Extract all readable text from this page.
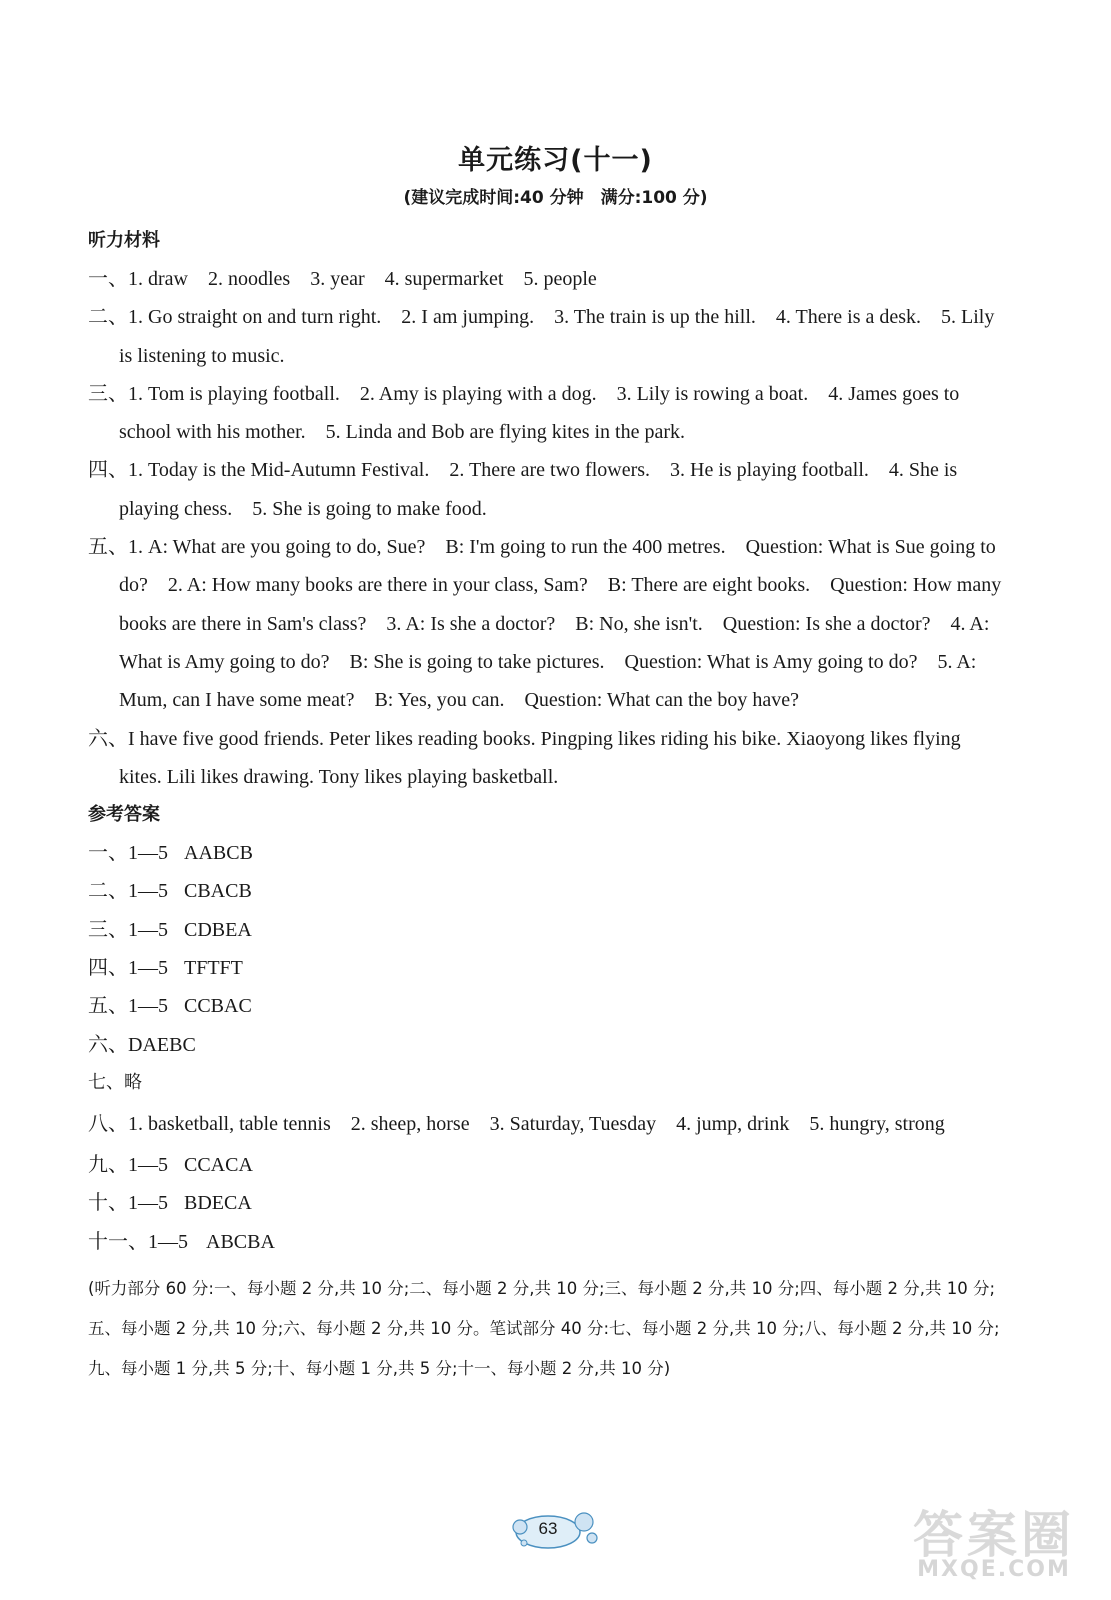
单元练习(十一)
(建议完成时间:40 分钟　满分:100 分)
听力材料
一、1. draw　2. noodles　3. year　4. supermarket　5. people
二、1. Go straight on and turn right.　2. I am jumping.　3. The train is up the hill.　4. There is a desk.　5. Lily is listening to music.
三、1. Tom is playing football.　2. Amy is playing with a dog.　3. Lily is rowing a boat.　4. James goes to school with his mother.　5. Linda and Bob are flying kites in the park.
四、1. Today is the Mid-Autumn Festival.　2. There are two flowers.　3. He is playing football.　4. She is playing chess.　5. She is going to make food.
五、1. A: What are you going to do, Sue?　B: I'm going to run the 400 metres.　Question: What is Sue going to do?　2. A: How many books are there in your class, Sam?　B: There are eight books.　Question: How many books are there in Sam's class?　3. A: Is she a doctor?　B: No, she isn't.　Question: Is she a doctor?　4. A: What is Amy going to do?　B: She is going to take pictures.　Question: What is Amy going to do?　5. A: Mum, can I have some meat?　B: Yes, you can.　Question: What can the boy have?
六、I have five good friends. Peter likes reading books. Pingping likes riding his bike. Xiaoyong likes flying kites. Lili likes drawing. Tony likes playing basketball.
参考答案
一、1—5 AABCB
二、1—5 CBACB
三、1—5 CDBEA
四、1—5 TFTFT
五、1—5 CCBAC
六、DAEBC
七、略
八、1. basketball, table tennis　2. sheep, horse　3. Saturday, Tuesday　4. jump, drink　5. hungry, strong
九、1—5 CCACA
十、1—5 BDECA
十一、1—5 ABCBA
(听力部分 60 分:一、每小题 2 分,共 10 分;二、每小题 2 分,共 10 分;三、每小题 2 分,共 10 分;四、每小题 2 分,共 10 分;五、每小题 2 分,共 10 分;六、每小题 2 分,共 10 分。笔试部分 40 分:七、每小题 2 分,共 10 分;八、每小题 2 分,共 10 分;九、每小题 1 分,共 5 分;十、每小题 1 分,共 5 分;十一、每小题 2 分,共 10 分)
63	答案圈
MXQE.COM
